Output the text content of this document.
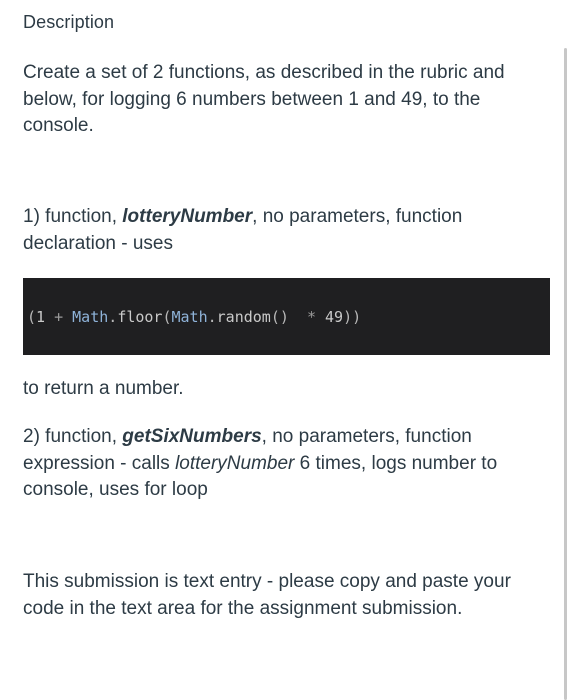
Description

Create a set of 2 functions, as described in the rubric and below, for logging 6 numbers between 1 and 49, to the console.

1) function, lotteryNumber, no parameters, function declaration - uses

( 1 + Math . floor ( Math . random () * 49 ))

to return a number.

2) function, getSixNumbers, no parameters, function expression - calls lotteryNumber 6 times, logs number to console, uses for loop

This submission is text entry - please copy and paste your code in the text area for the assignment submission.
